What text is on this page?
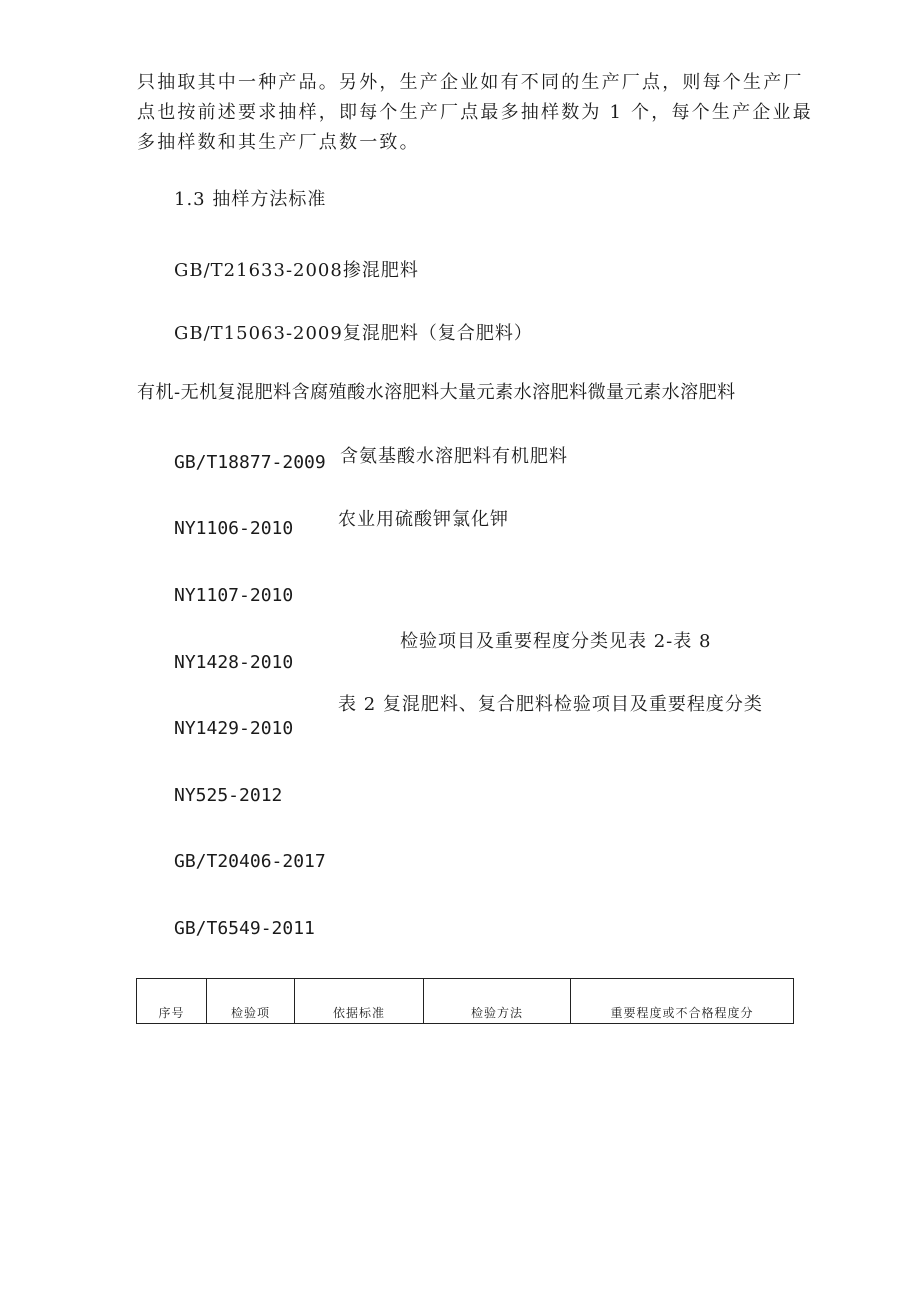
只抽取其中一种产品。另外，生产企业如有不同的生产厂点，则每个生产厂
点也按前述要求抽样，即每个生产厂点最多抽样数为 1 个，每个生产企业最
多抽样数和其生产厂点数一致。
1.3 抽样方法标准
GB/T21633-2008掺混肥料
GB/T15063-2009复混肥料（复合肥料）
有机-无机复混肥料含腐殖酸水溶肥料大量元素水溶肥料微量元素水溶肥料
GB/T18877-2009 含氨基酸水溶肥料有机肥料
NY1106-2010 农业用硫酸钾氯化钾
NY1107-2010
检验项目及重要程度分类见表 2-表 8
NY1428-2010
表 2 复混肥料、复合肥料检验项目及重要程度分类
NY1429-2010
NY525-2012
GB/T20406-2017
GB/T6549-2011
序号	检验项	依据标准	检验方法	重要程度或不合格程度分
